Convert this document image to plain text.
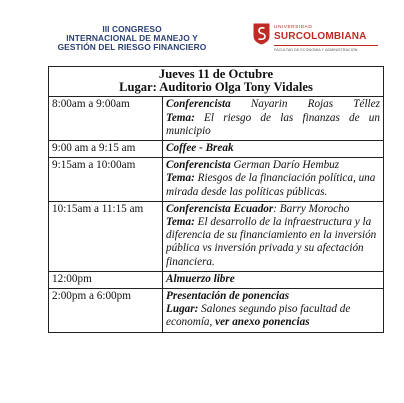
III CONGRESO
INTERNACIONAL DE MANEJO Y
GESTIÓN DEL RIESGO FINANCIERO
UNIVERSIDAD
SURCOLOMBIANA
FACULTAD DE ECONOMÍA Y ADMINISTRACIÓN
Jueves 11 de Octubre
Lugar: Auditorio Olga Tony Vidales	

8:00am a 9:00am	Conferencista Nayarin Rojas Téllez
Tema: El riesgo de las finanzas de un municipio

9:00 am a 9:15 am	Coffee - Break
9:15am a 10:00am	Conferencista German Darío Hembuz
Tema: Riesgos de la financiación política, una mirada desde las políticas públicas.

10:15am a 11:15 am	Conferencista Ecuador: Barry Morocho
Tema: El desarrollo de la infraestructura y la diferencia de su financiamiento en la inversión pública vs inversión privada y su afectación financiera.

12:00pm	Almuerzo libre
2:00pm a 6:00pm	Presentación de ponencias
Lugar: Salones segundo piso facultad de economía, ver anexo ponencias
